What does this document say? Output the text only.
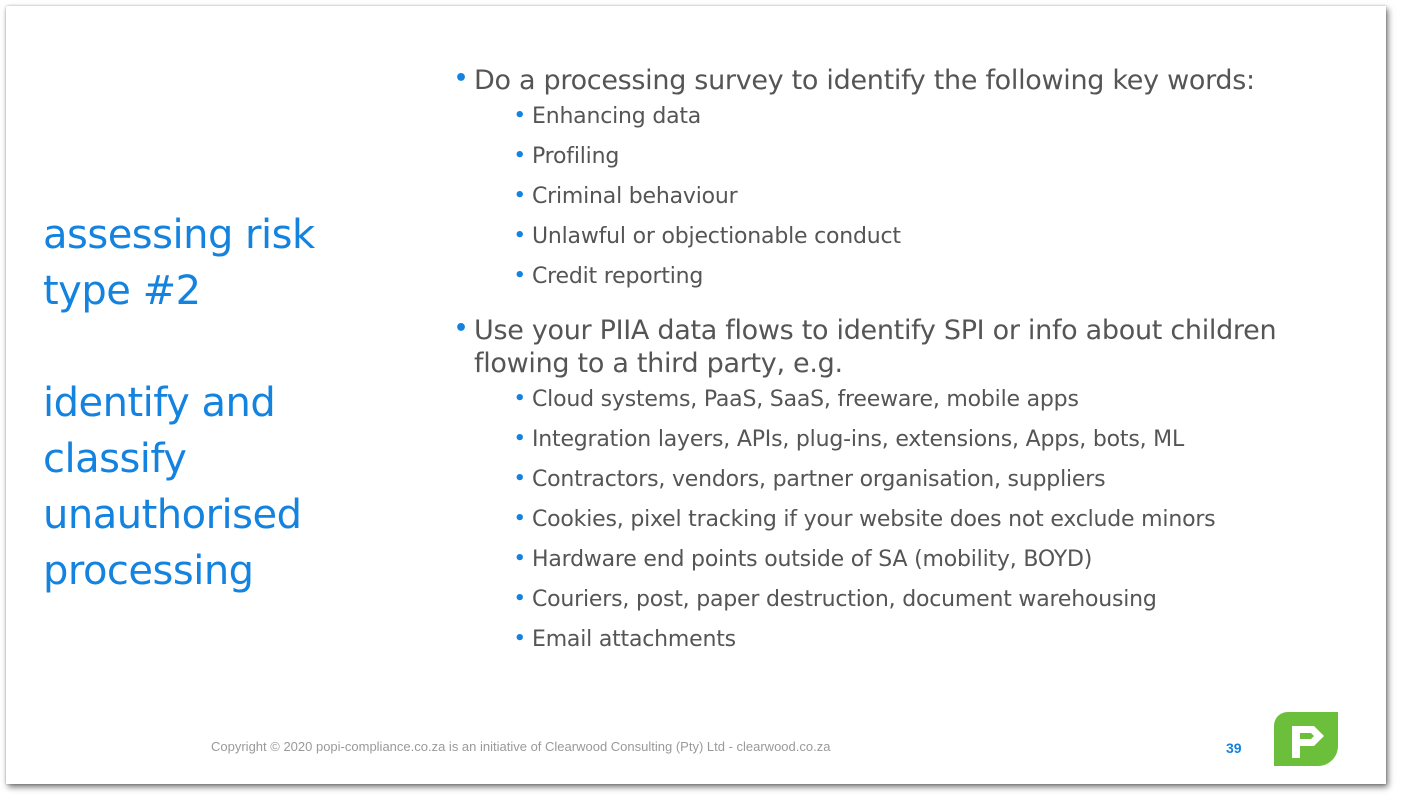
assessing risk
type #2
identify and
classify
unauthorised
processing
• Do a processing survey to identify the following key words:
• Enhancing data
• Profiling
• Criminal behaviour
• Unlawful or objectionable conduct
• Credit reporting
• Use your PIIA data flows to identify SPI or info about children
flowing to a third party, e.g.
• Cloud systems, PaaS, SaaS, freeware, mobile apps
• Integration layers, APIs, plug-ins, extensions, Apps, bots, ML
• Contractors, vendors, partner organisation, suppliers
• Cookies, pixel tracking if your website does not exclude minors
• Hardware end points outside of SA (mobility, BOYD)
• Couriers, post, paper destruction, document warehousing
• Email attachments
Copyright © 2020 popi-compliance.co.za is an initiative of Clearwood Consulting (Pty) Ltd - clearwood.co.za	39
